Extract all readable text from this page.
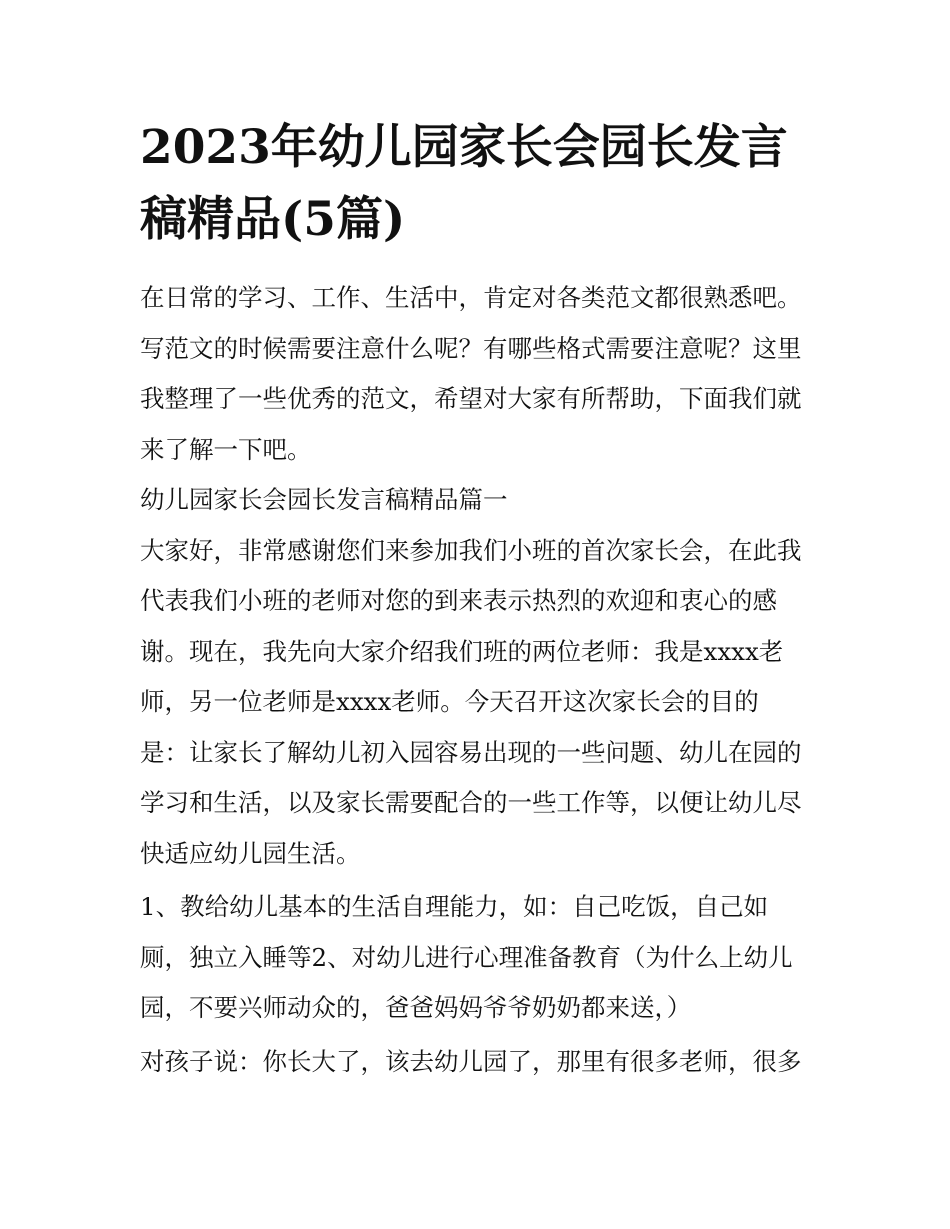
2023年幼儿园家长会园长发言
稿精品(5篇)

在日常的学习、工作、生活中，肯定对各类范文都很熟悉吧。
写范文的时候需要注意什么呢？有哪些格式需要注意呢？这里
我整理了一些优秀的范文，希望对大家有所帮助，下面我们就
来了解一下吧。

幼儿园家长会园长发言稿精品篇一

大家好，非常感谢您们来参加我们小班的首次家长会，在此我
代表我们小班的老师对您的到来表示热烈的欢迎和衷心的感
谢。现在，我先向大家介绍我们班的两位老师：我是xxxx老
师，另一位老师是xxxx老师。今天召开这次家长会的目的
是：让家长了解幼儿初入园容易出现的一些问题、幼儿在园的
学习和生活，以及家长需要配合的一些工作等，以便让幼儿尽
快适应幼儿园生活。

1、教给幼儿基本的生活自理能力，如：自己吃饭，自己如
厕，独立入睡等2、对幼儿进行心理准备教育（为什么上幼儿
园，不要兴师动众的，爸爸妈妈爷爷奶奶都来送，）

对孩子说：你长大了，该去幼儿园了，那里有很多老师，很多
